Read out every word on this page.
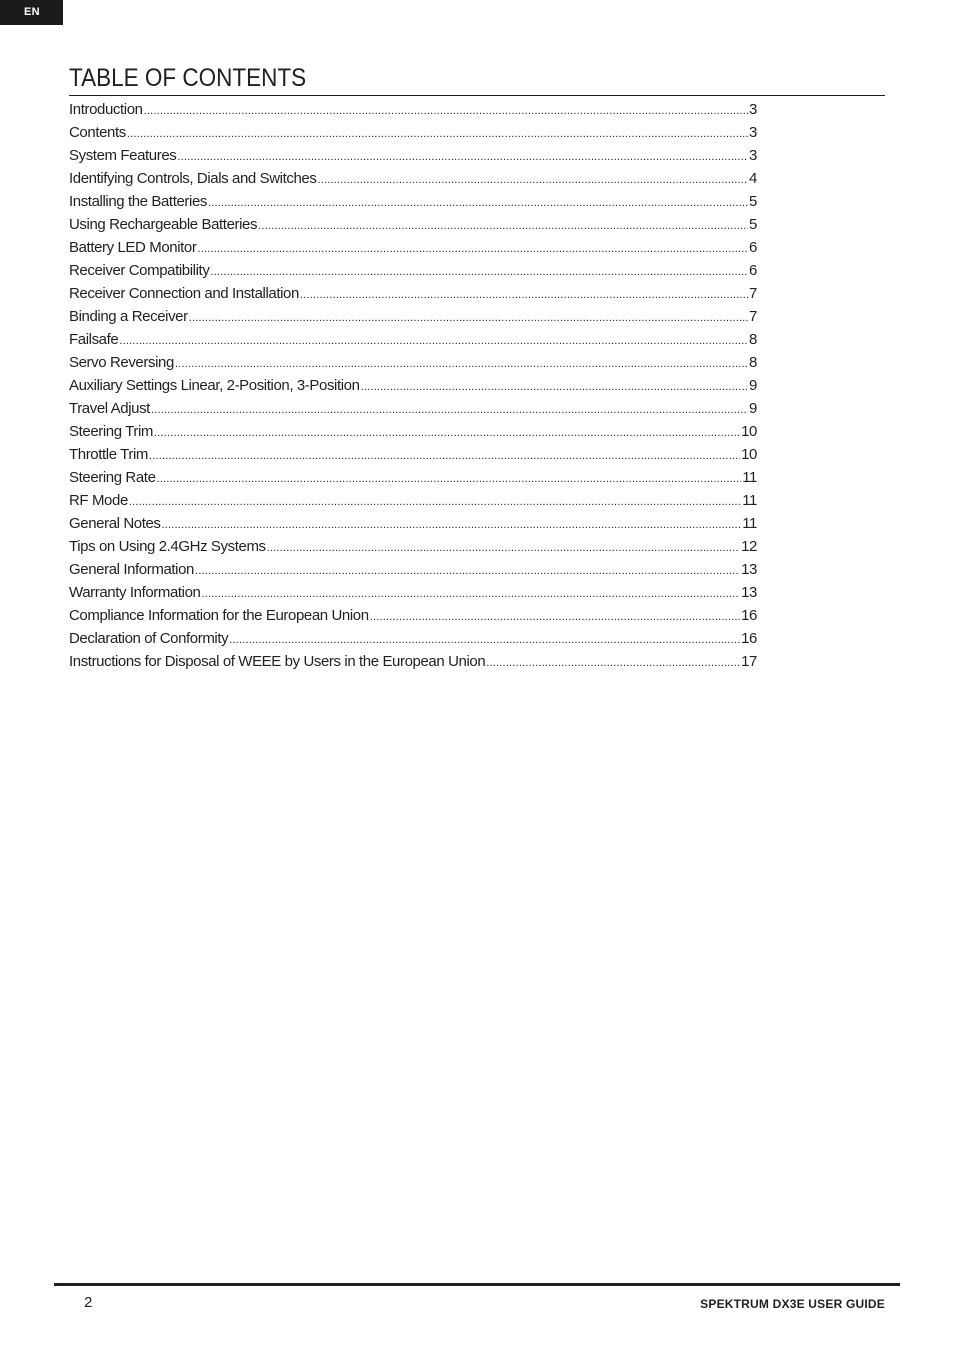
EN
TABLE OF CONTENTS
Introduction .....	3
Contents .....	3
System Features .....	3
Identifying Controls, Dials and Switches .....	4
Installing the Batteries .....	5
Using Rechargeable Batteries .....	5
Battery LED Monitor .....	6
Receiver Compatibility .....	6
Receiver Connection and Installation .....	7
Binding a Receiver .....	7
Failsafe .....	8
Servo Reversing .....	8
Auxiliary Settings Linear, 2-Position, 3-Position .....	9
Travel Adjust .....	9
Steering Trim .....	10
Throttle Trim .....	10
Steering Rate .....	11
RF Mode .....	11
General Notes .....	11
Tips on Using 2.4GHz Systems .....	12
General Information .....	13
Warranty Information .....	13
Compliance Information for the European Union .....	16
Declaration of Conformity .....	16
Instructions for Disposal of WEEE by Users in the European Union .....	17
2	SPEKTRUM DX3E USER GUIDE
